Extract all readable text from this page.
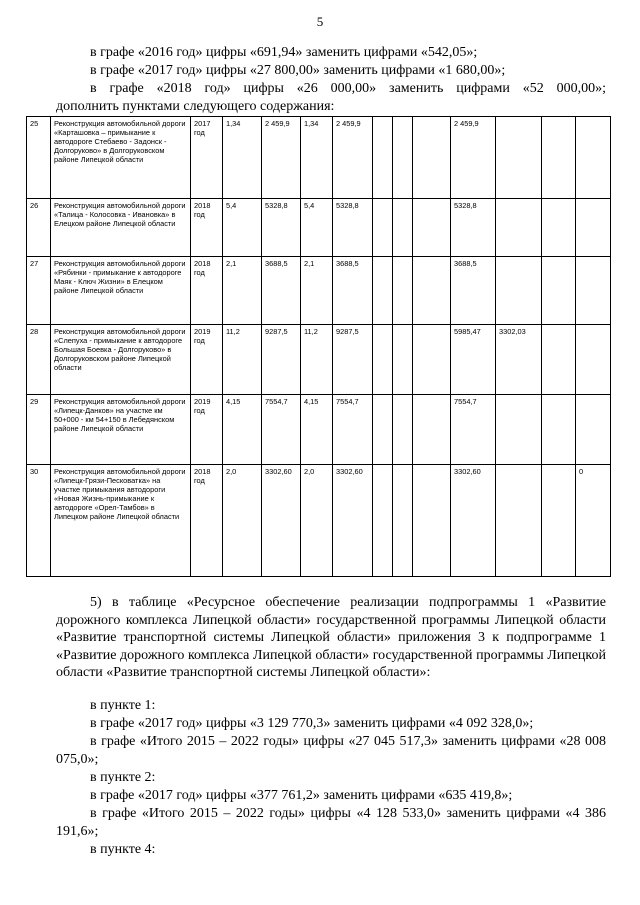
5
в графе «2016 год» цифры «691,94» заменить цифрами «542,05»;
в графе «2017 год» цифры «27 800,00» заменить цифрами «1 680,00»;
в графе «2018 год» цифры «26 000,00» заменить цифрами «52 000,00»;
дополнить пунктами следующего содержания:
25	Реконструкция автомобильной дороги «Карташовка – примыкание к автодороге Стебаево - Задонск - Долгоруково» в Долгоруковском районе Липецкой области	2017 год	1,34	2 459,9	1,34	2 459,9				2 459,9			
26	Реконструкция автомобильной дороги «Талица - Колосовка - Ивановка» в Елецком районе Липецкой области	2018 год	5,4	5328,8	5,4	5328,8				5328,8			
27	Реконструкция автомобильной дороги «Рябинки - примыкание к автодороге Маяк - Ключ Жизни» в Елецком районе Липецкой области	2018 год	2,1	3688,5	2,1	3688,5				3688,5			
28	Реконструкция автомобильной дороги «Слепуха - примыкание к автодороге Большая Боевка - Долгоруково» в Долгоруковском районе Липецкой области	2019 год	11,2	9287,5	11,2	9287,5				5985,47	3302,03		
29	Реконструкция автомобильной дороги «Липецк-Данков» на участке км 50+000 - км 54+150 в Лебедянском районе Липецкой области	2019 год	4,15	7554,7	4,15	7554,7				7554,7			
30	Реконструкция автомобильной дороги «Липецк-Грязи-Песковатка» на участке примыкания автодороги «Новая Жизнь-примыкание к автодороге «Орел-Тамбов» в Липецком районе Липецкой области	2018 год	2,0	3302,60	2,0	3302,60				3302,60			0
5) в таблице «Ресурсное обеспечение реализации подпрограммы 1 «Развитие дорожного комплекса Липецкой области» государственной программы Липецкой области «Развитие транспортной системы Липецкой области» приложения 3 к подпрограмме 1 «Развитие дорожного комплекса Липецкой области» государственной программы Липецкой области «Развитие транспортной системы Липецкой области»:
в пункте 1:
в графе «2017 год» цифры «3 129 770,3» заменить цифрами «4 092 328,0»;
в графе «Итого 2015 – 2022 годы» цифры «27 045 517,3» заменить цифрами «28 008 075,0»;
в пункте 2:
в графе «2017 год» цифры «377 761,2» заменить цифрами «635 419,8»;
в графе «Итого 2015 – 2022 годы» цифры «4 128 533,0» заменить цифрами «4 386 191,6»;
в пункте 4:
